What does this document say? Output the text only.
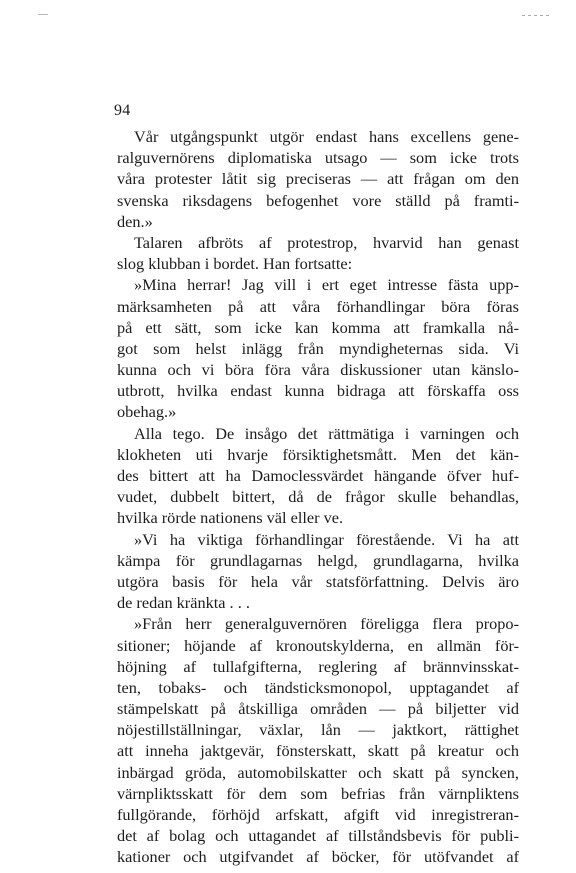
94
Vår utgångspunkt utgör endast hans excellens gene-
ralguvernörens diplomatiska utsago — som icke trots
våra protester låtit sig preciseras — att frågan om den
svenska riksdagens befogenhet vore ställd på framti-
den.»
Talaren afbröts af protestrop, hvarvid han genast
slog klubban i bordet. Han fortsatte:
»Mina herrar! Jag vill i ert eget intresse fästa upp-
märksamheten på att våra förhandlingar böra föras
på ett sätt, som icke kan komma att framkalla nå-
got som helst inlägg från myndigheternas sida. Vi
kunna och vi böra föra våra diskussioner utan känslo-
utbrott, hvilka endast kunna bidraga att förskaffa oss
obehag.»
Alla tego. De insågo det rättmätiga i varningen och
klokheten uti hvarje försiktighetsmått. Men det kän-
des bittert att ha Damoclessvärdet hängande öfver huf-
vudet, dubbelt bittert, då de frågor skulle behandlas,
hvilka rörde nationens väl eller ve.
»Vi ha viktiga förhandlingar förestående. Vi ha att
kämpa för grundlagarnas helgd, grundlagarna, hvilka
utgöra basis för hela vår statsförfattning. Delvis äro
de redan kränkta . . .
»Från herr generalguvernören föreligga flera propo-
sitioner; höjande af kronoutskylderna, en allmän för-
höjning af tullafgifterna, reglering af brännvinsskat-
ten, tobaks- och tändsticksmonopol, upptagandet af
stämpelskatt på åtskilliga områden — på biljetter vid
nöjestillställningar, växlar, lån — jaktkort, rättighet
att inneha jaktgevär, fönsterskatt, skatt på kreatur och
inbärgad gröda, automobilskatter och skatt på syncken,
värnpliktsskatt för dem som befrias från värnpliktens
fullgörande, förhöjd arfskatt, afgift vid inregistreran-
det af bolag och uttagandet af tillståndsbevis för publi-
kationer och utgifvandet af böcker, för utöfvandet af
